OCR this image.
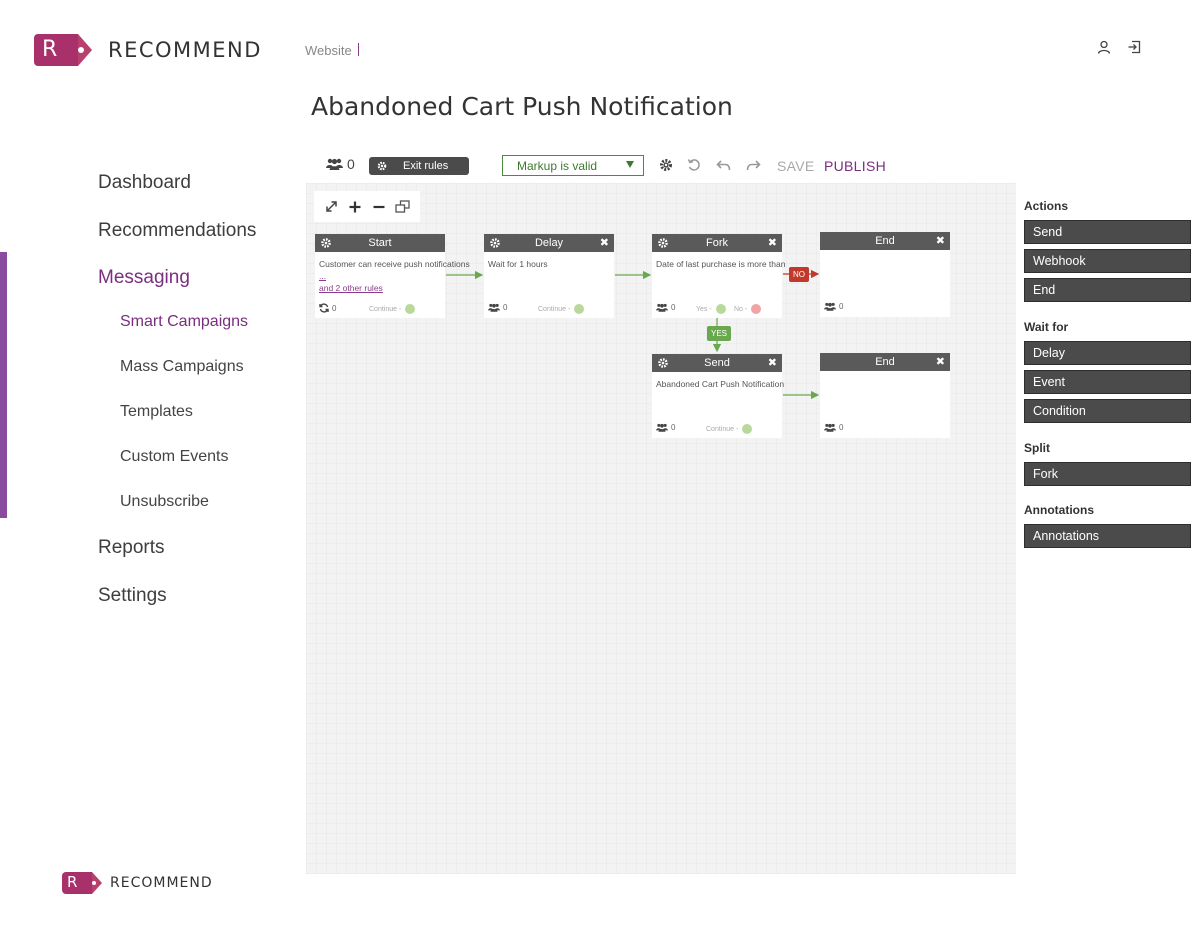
R RECOMMEND	Website
Abandoned Cart Push Notification
Dashboard
Recommendations
Messaging
Smart Campaigns
Mass Campaigns
Templates
Custom Events
Unsubscribe
Reports
Settings
R RECOMMEND
0	Exit rules	Markup is valid	SAVE PUBLISH
Start
Customer can receive push notifications
...
and 2 other rules
0	Continue -
Delay	✖
Wait for 1 hours
0	Continue -
Fork	✖
Date of last purchase is more than
0	Yes -	No -
End	✖
0
Send	✖
Abandoned Cart Push Notification
0	Continue -
End	✖
0
NO
YES
Actions
Send
Webhook
End
Wait for
Delay
Event
Condition
Split
Fork
Annotations
Annotations
